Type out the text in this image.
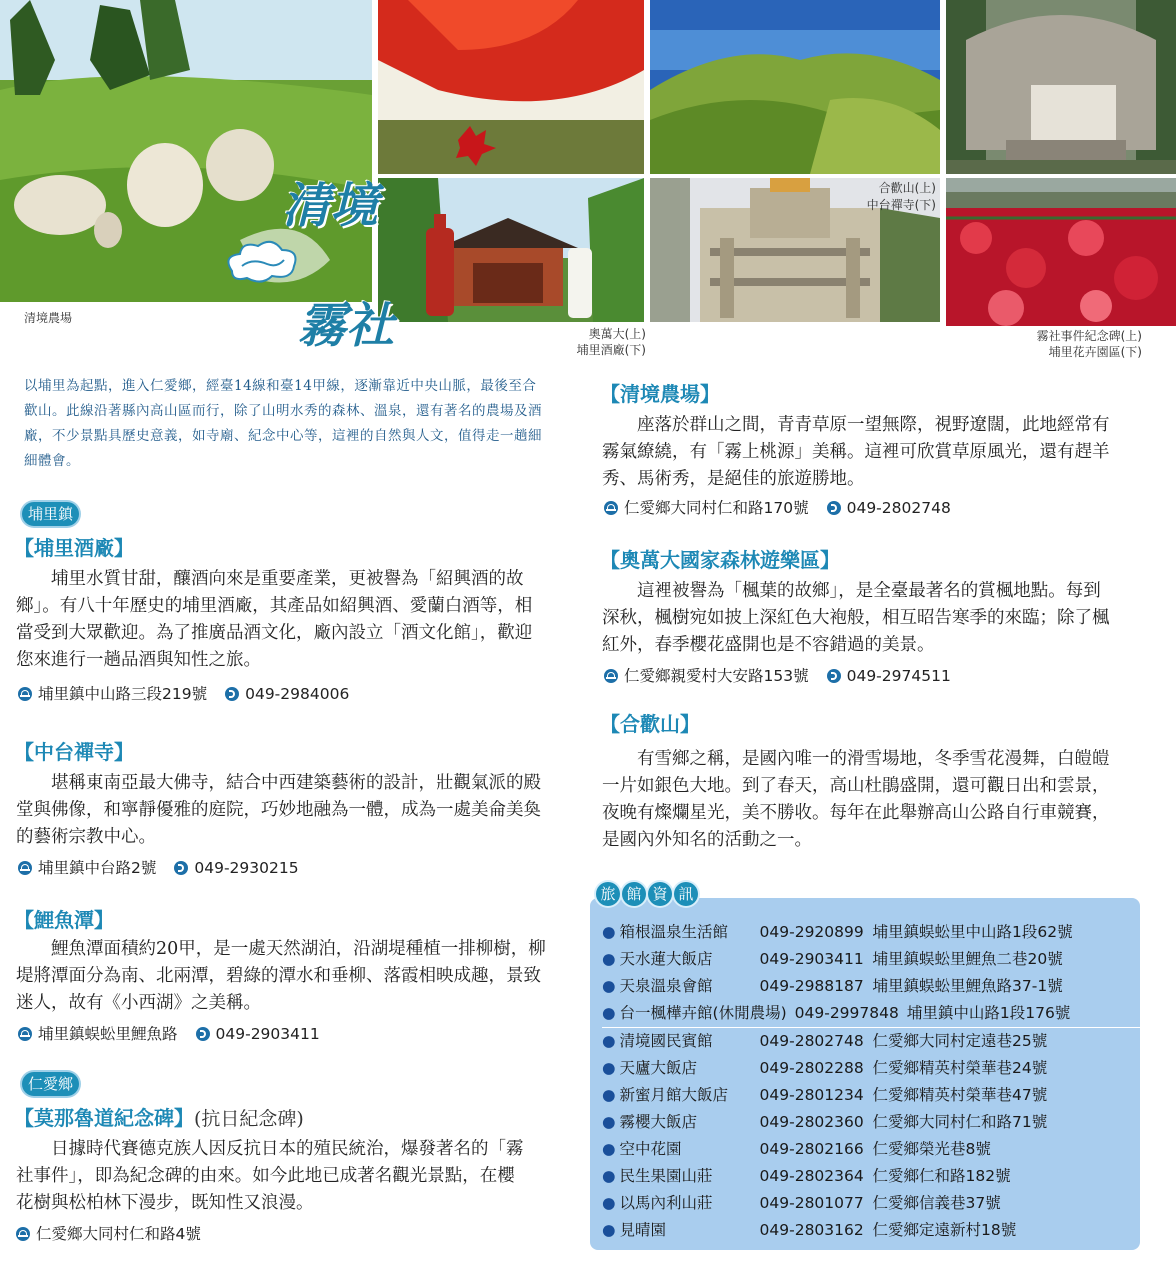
清境農場
合歡山(上)
中台禪寺(下)
奧萬大(上)
埔里酒廠(下)
霧社事件紀念碑(上)
埔里花卉園區(下)
清境
霧社
以埔里為起點，進入仁愛鄉，經臺14線和臺14甲線，逐漸靠近中央山脈，最後至合歡山。此線沿著縣內高山區而行，除了山明水秀的森林、溫泉，還有著名的農場及酒廠，不少景點具歷史意義，如寺廟、紀念中心等，這裡的自然與人文，值得走一趟細細體會。
埔里鎮
【埔里酒廠】
埔里水質甘甜，釀酒向來是重要產業，更被譽為「紹興酒的故鄉」。有八十年歷史的埔里酒廠，其產品如紹興酒、愛蘭白酒等，相當受到大眾歡迎。為了推廣品酒文化，廠內設立「酒文化館」，歡迎您來進行一趟品酒與知性之旅。
埔里鎮中山路三段219號 049-2984006
【中台禪寺】
堪稱東南亞最大佛寺，結合中西建築藝術的設計，壯觀氣派的殿堂與佛像，和寧靜優雅的庭院，巧妙地融為一體，成為一處美侖美奐的藝術宗教中心。
埔里鎮中台路2號 049-2930215
【鯉魚潭】
鯉魚潭面積約20甲，是一處天然湖泊，沿湖堤種植一排柳樹，柳堤將潭面分為南、北兩潭，碧綠的潭水和垂柳、落霞相映成趣，景致迷人，故有《小西湖》之美稱。
埔里鎮蜈蚣里鯉魚路 049-2903411
仁愛鄉
【莫那魯道紀念碑】(抗日紀念碑)
日據時代賽德克族人因反抗日本的殖民統治，爆發著名的「霧社事件」，即為紀念碑的由來。如今此地已成著名觀光景點，在櫻花樹與松柏林下漫步，既知性又浪漫。
仁愛鄉大同村仁和路4號
【清境農場】
座落於群山之間，青青草原一望無際，視野遼闊，此地經常有霧氣繚繞，有「霧上桃源」美稱。這裡可欣賞草原風光，還有趕羊秀、馬術秀，是絕佳的旅遊勝地。
仁愛鄉大同村仁和路170號 049-2802748
【奧萬大國家森林遊樂區】
這裡被譽為「楓葉的故鄉」，是全臺最著名的賞楓地點。每到深秋，楓樹宛如披上深紅色大袍般，相互昭告寒季的來臨；除了楓紅外，春季櫻花盛開也是不容錯過的美景。
仁愛鄉親愛村大安路153號 049-2974511
【合歡山】
有雪鄉之稱，是國內唯一的滑雪場地，冬季雪花漫舞，白皚皚一片如銀色大地。到了春天，高山杜鵑盛開，還可觀日出和雲景，夜晚有燦爛星光，美不勝收。每年在此舉辦高山公路自行車競賽，是國內外知名的活動之一。
旅 館 資 訊
● 箱根溫泉生活館	049-2920899 埔里鎮蜈蚣里中山路1段62號
● 天水蓮大飯店	049-2903411 埔里鎮蜈蚣里鯉魚二巷20號
● 天泉溫泉會館	049-2988187 埔里鎮蜈蚣里鯉魚路37-1號
● 台一楓樺卉館(休閒農場) 049-2997848 埔里鎮中山路1段176號
● 清境國民賓館	049-2802748 仁愛鄉大同村定遠巷25號
● 天廬大飯店	049-2802288 仁愛鄉精英村榮華巷24號
● 新蜜月館大飯店	049-2801234 仁愛鄉精英村榮華巷47號
● 霧櫻大飯店	049-2802360 仁愛鄉大同村仁和路71號
● 空中花園	049-2802166 仁愛鄉榮光巷8號
● 民生果園山莊	049-2802364 仁愛鄉仁和路182號
● 以馬內利山莊	049-2801077 仁愛鄉信義巷37號
● 見晴園	049-2803162 仁愛鄉定遠新村18號
